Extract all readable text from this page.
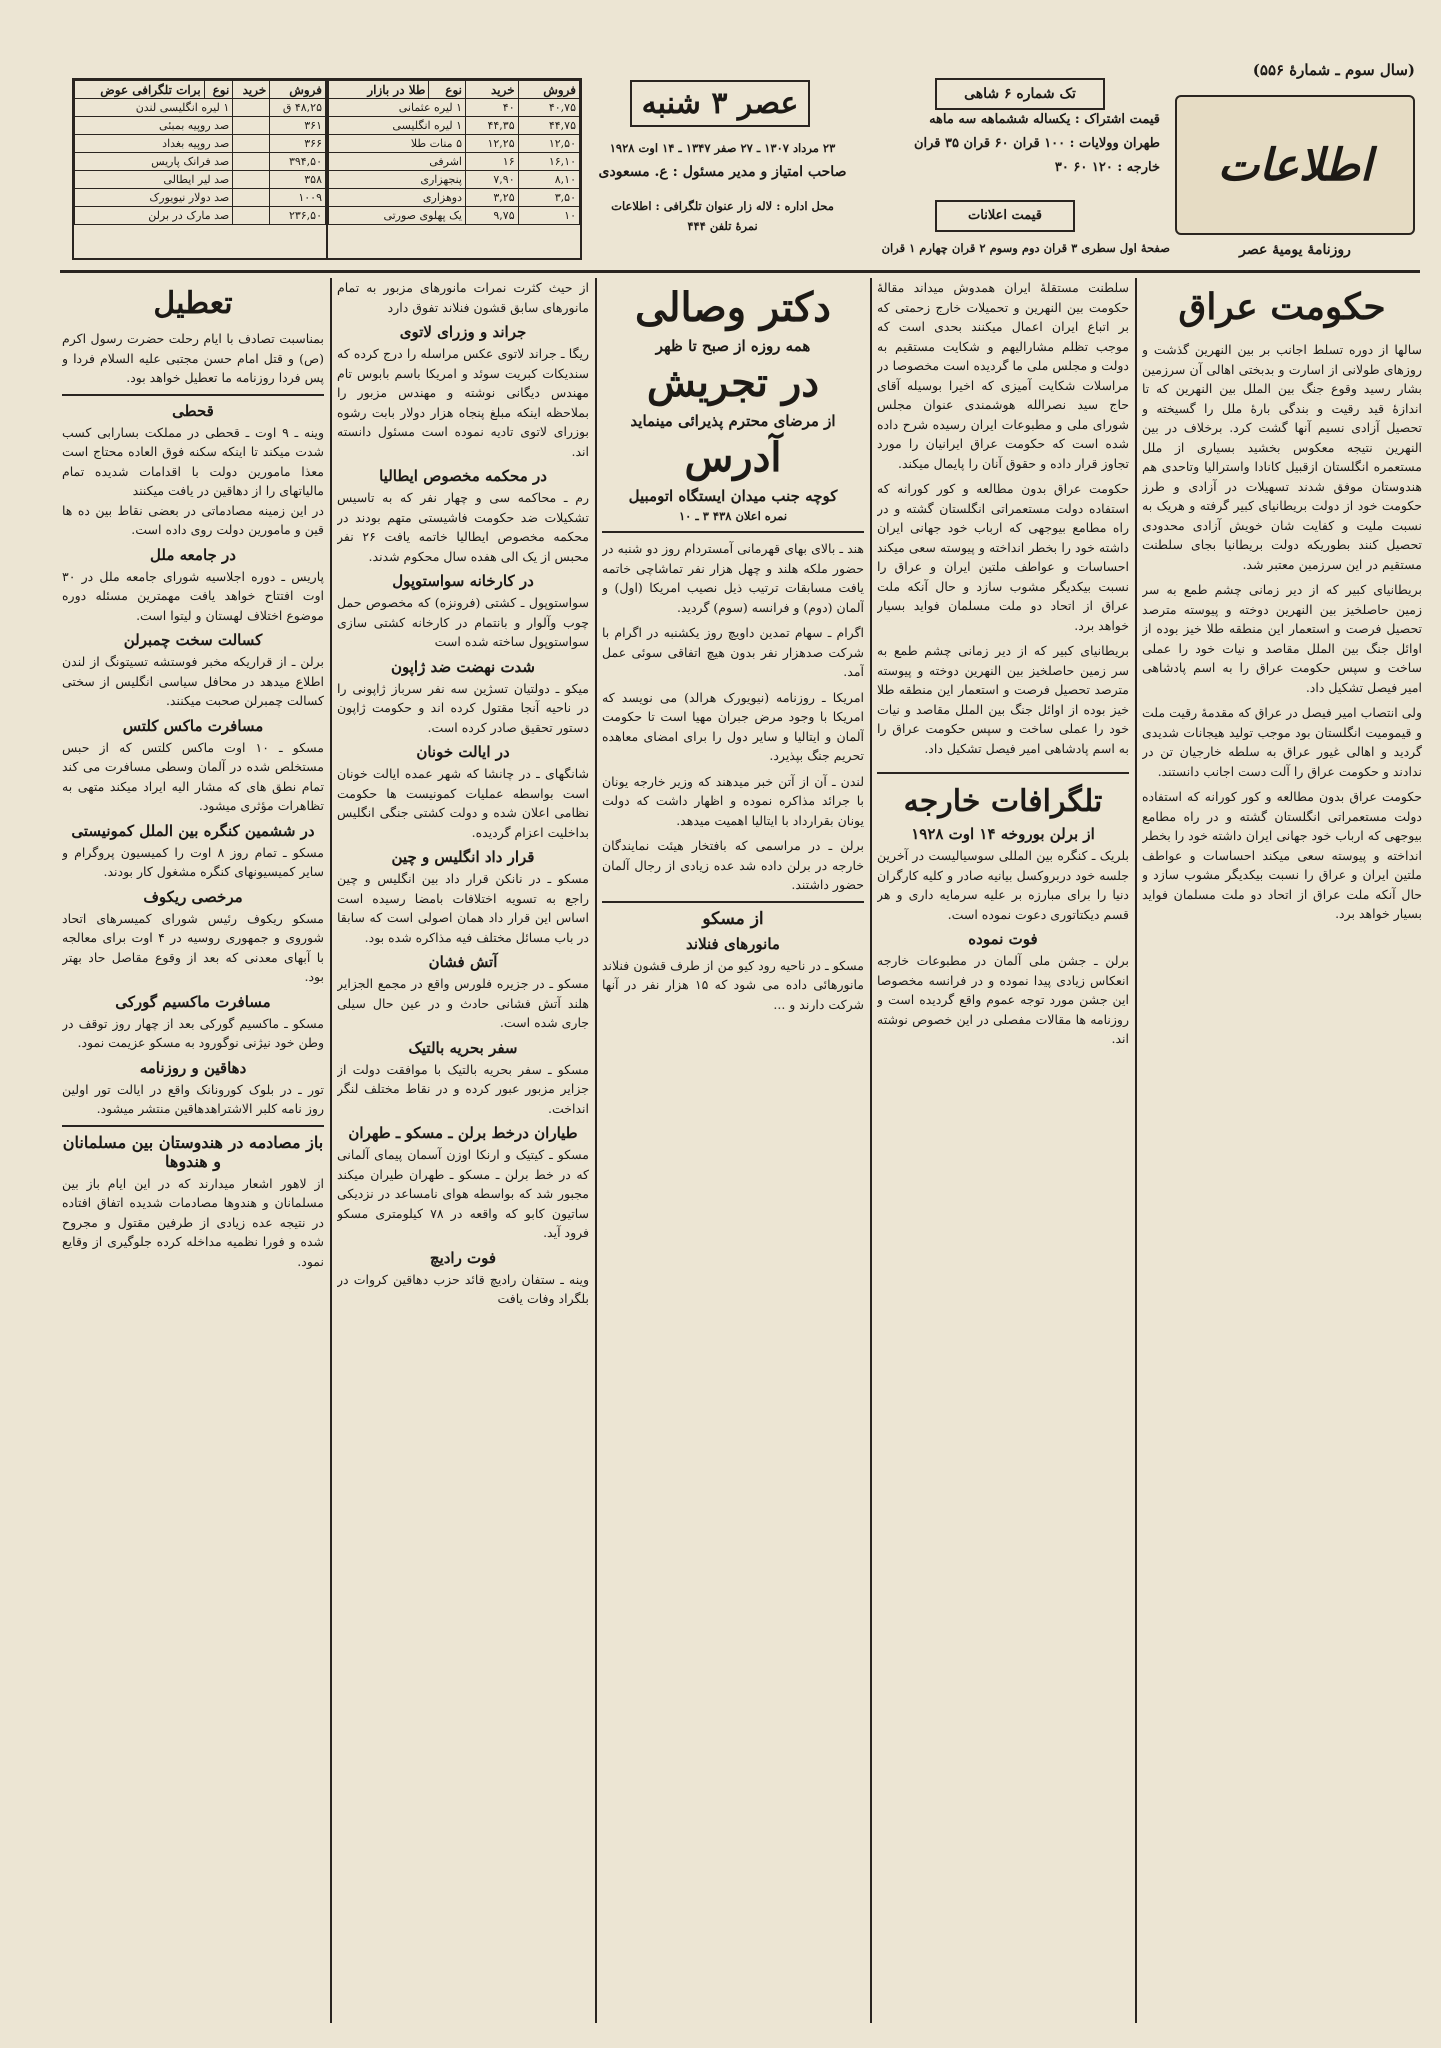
(سال سوم ـ شمارهٔ ۵۵۶)
اطلاعات
روزنامهٔ یومیهٔ عصر
تک شماره ۶ شاهی
قیمت اشتراک : یکساله ششماهه سه ماهه
طهران وولایات : ۱۰۰ قران ۶۰ قران ۳۵ قران
خارجه : ۱۲۰ ۶۰ ۳۰
قیمت اعلانات
صفحهٔ اول سطری ۳ قران دوم وسوم ۲ قران چهارم ۱ قران
عصر ۳ شنبه
۲۳ مرداد ۱۳۰۷ ـ ۲۷ صفر ۱۳۴۷ ـ ۱۴ اوت ۱۹۲۸
صاحب امتیاز و مدیر مسئول : ع. مسعودی
محل اداره : لاله زار عنوان تلگرافی : اطلاعات
نمرهٔ تلفن ۴۴۴
فروش	خرید	نوع	طلا در بازار
۴۰,۷۵	۴۰	۱ لیره عثمانی	
۴۴,۷۵	۴۴,۳۵	۱ لیره انگلیسی	
۱۲,۵۰	۱۲,۲۵	۵ منات طلا	
۱۶,۱۰	۱۶	اشرفی	
۸,۱۰	۷,۹۰	پنجهزاری	
۳,۵۰	۳,۲۵	دوهزاری	
۱۰	۹,۷۵	یک پهلوی صورتی	
فروش	خرید	نوع	برات تلگرافی عوض
۴۸,۲۵ ق		۱ لیره انگلیسی لندن	
۳۶۱		صد روپیه بمبئی	
۳۶۶		صد روپیه بغداد	
۳۹۴,۵۰		صد فرانک پاریس	
۳۵۸		صد لیر ایطالی	
۱۰۰۹		صد دولار نیویورک	
۲۳۶,۵۰		صد مارک در برلن	
حکومت عراق

سالها از دوره تسلط اجانب بر بین النهرین گذشت و روزهای طولانی از اسارت و بدبختی اهالی آن سرزمین بشار رسید وقوع جنگ بین الملل بین النهرین که تا اندازهٔ قید رقیت و بندگی بارهٔ ملل را گسیخته و تحصیل آزادی نسیم آنها گشت کرد. برخلاف در بین النهرین نتیجه معکوس بخشید بسیاری از ملل مستعمره انگلستان ازقبیل کانادا واسترالیا وتاحدی هم هندوستان موفق شدند تسهیلات در آزادی و طرز حکومت خود از دولت بریطانیای کبیر گرفته و هریک به نسبت ملیت و کفایت شان خویش آزادی محدودی تحصیل کنند بطوریکه دولت بریطانیا بجای سلطنت مستقیم در این سرزمین معتبر شد.

بریطانیای کبیر که از دیر زمانی چشم طمع به سر زمین حاصلخیز بین النهرین دوخته و پیوسته مترصد تحصیل فرصت و استعمار این منطقه طلا خیز بوده از اوائل جنگ بین الملل مقاصد و نیات خود را عملی ساخت و سپس حکومت عراق را به اسم پادشاهی امیر فیصل تشکیل داد.

ولی انتصاب امیر فیصل در عراق که مقدمهٔ رقیت ملت و قیمومیت انگلستان بود موجب تولید هیجانات شدیدی گردید و اهالی غیور عراق به سلطه خارجیان تن در ندادند و حکومت عراق را آلت دست اجانب دانستند.

حکومت عراق بدون مطالعه و کور کورانه که استفاده دولت مستعمراتی انگلستان گشته و در راه مطامع بیوجهی که ارباب خود جهانی ایران داشته خود را بخطر انداخته و پیوسته سعی میکند احساسات و عواطف ملتین ایران و عراق را نسبت بیکدیگر مشوب سازد و حال آنکه ملت عراق از اتحاد دو ملت مسلمان فواید بسیار خواهد برد.

سلطنت مستقلهٔ ایران همدوش میداند مقالهٔ حکومت بین النهرین و تحمیلات خارج زحمتی که بر اتباع ایران اعمال میکنند بحدی است که موجب تظلم مشارالیهم و شکایت مستقیم به دولت و مجلس ملی ما گردیده است مخصوصا در مراسلات شکایت آمیزی که اخیرا بوسیله آقای حاج سید نصرالله هوشمندی عنوان مجلس شورای ملی و مطبوعات ایران رسیده شرح داده شده است که حکومت عراق ایرانیان را مورد تجاوز قرار داده و حقوق آنان را پایمال میکند.

حکومت عراق بدون مطالعه و کور کورانه که استفاده دولت مستعمراتی انگلستان گشته و در راه مطامع بیوجهی که ارباب خود جهانی ایران داشته خود را بخطر انداخته و پیوسته سعی میکند احساسات و عواطف ملتین ایران و عراق را نسبت بیکدیگر مشوب سازد و حال آنکه ملت عراق از اتحاد دو ملت مسلمان فواید بسیار خواهد برد.

بریطانیای کبیر که از دیر زمانی چشم طمع به سر زمین حاصلخیز بین النهرین دوخته و پیوسته مترصد تحصیل فرصت و استعمار این منطقه طلا خیز بوده از اوائل جنگ بین الملل مقاصد و نیات خود را عملی ساخت و سپس حکومت عراق را به اسم پادشاهی امیر فیصل تشکیل داد.

تلگرافات خارجه
از برلن بوروخه ۱۴ اوت ۱۹۲۸

بلریک ـ کنگره بین المللی سوسیالیست در آخرین جلسه خود دربروکسل بیانیه صادر و کلیه کارگران دنیا را برای مبارزه بر علیه سرمایه داری و هر قسم دیکتاتوری دعوت نموده است.

فوت نموده

برلن ـ جشن ملی آلمان در مطبوعات خارجه انعکاس زیادی پیدا نموده و در فرانسه مخصوصا این جشن مورد توجه عموم واقع گردیده است و روزنامه ها مقالات مفصلی در این خصوص نوشته اند.

دکتر وصالی
همه روزه از صبح تا ظهر
در تجریش
از مرضای محترم پذیرائی مینماید
آدرس
کوچه جنب میدان ایستگاه اتومبیل
نمره اعلان ۴۳۸ ۳ ـ ۱۰

هند ـ بالای بهای قهرمانی آمستردام روز دو شنبه در حضور ملکه هلند و چهل هزار نفر تماشاچی خاتمه یافت مسابقات ترتیب ذیل نصیب امریکا (اول) و آلمان (دوم) و فرانسه (سوم) گردید.

اگرام ـ سهام تمدین داویچ روز یکشنبه در اگرام با شرکت صدهزار نفر بدون هیچ اتفاقی سوئی عمل آمد.

امریکا ـ روزنامه (نیویورک هرالد) می نویسد که امریکا با وجود مرض جبران مهیا است تا حکومت آلمان و ایتالیا و سایر دول را برای امضای معاهده تحریم جنگ بپذیرد.

لندن ـ آن از آتن خبر میدهند که وزیر خارجه یونان با جرائد مذاکره نموده و اظهار داشت که دولت یونان بقرارداد با ایتالیا اهمیت میدهد.

برلن ـ در مراسمی که بافتخار هیئت نمایندگان خارجه در برلن داده شد عده زیادی از رجال آلمان حضور داشتند.

از مسکو
مانورهای فنلاند

مسکو ـ در ناحیه رود کیو من از طرف قشون فنلاند مانورهائی داده می شود که ۱۵ هزار نفر در آنها شرکت دارند و ...

از حیث کثرت نمرات مانورهای مزبور به تمام مانورهای سابق قشون فنلاند تفوق دارد

جراند و وزرای لاتوی

ریگا ـ جراند لاتوی عکس مراسله را درج کرده که سندیکات کبریت سوئد و امریکا باسم بابوس تام مهندس دیگانی نوشته و مهندس مزبور را بملاحظه اینکه مبلغ پنجاه هزار دولار بابت رشوه بوزرای لاتوی تادیه نموده است مسئول دانسته اند.

در محکمه مخصوص ایطالیا

رم ـ محاکمه سی و چهار نفر که به تاسیس تشکیلات ضد حکومت فاشیستی متهم بودند در محکمه مخصوص ایطالیا خاتمه یافت ۲۶ نفر محبس از یک الی هفده سال محکوم شدند.

در کارخانه سواستوپول

سواستوپول ـ کشتی (فرونزه) که مخصوص حمل چوب وآلوار و بانتمام در کارخانه کشتی سازی سواستوپول ساخته شده است

شدت نهضت ضد ژاپون

میکو ـ دولتیان تسژین سه نفر سرباز ژاپونی را در ناحیه آنجا مقتول کرده اند و حکومت ژاپون دستور تحقیق صادر کرده است.

در ایالت خونان

شانگهای ـ در چانشا که شهر عمده ایالت خونان است بواسطه عملیات کمونیست ها حکومت نظامی اعلان شده و دولت کشتی جنگی انگلیس بداخلیت اعزام گردیده.

قرار داد انگلیس و چین

مسکو ـ در نانکن قرار داد بین انگلیس و چین راجع به تسویه اختلافات بامضا رسیده است اساس این قرار داد همان اصولی است که سابقا در باب مسائل مختلف فیه مذاکره شده بود.

آتش فشان

مسکو ـ در جزیره فلورس واقع در مجمع الجزایر هلند آتش فشانی حادث و در عین حال سیلی جاری شده است.

سفر بحریه بالتیک

مسکو ـ سفر بحریه بالتیک با موافقت دولت از جزایر مزبور عبور کرده و در نقاط مختلف لنگر انداخت.

طیاران درخط برلن ـ مسکو ـ طهران

مسکو ـ کیتیک و ارنکا اوزن آسمان پیمای آلمانی که در خط برلن ـ مسکو ـ طهران طیران میکند مجبور شد که بواسطه هوای نامساعد در نزدیکی ساتیون کابو که واقعه در ۷۸ کیلومتری مسکو فرود آید.

فوت رادیچ

وینه ـ ستفان رادیچ قائد حزب دهاقین کروات در بلگراد وفات یافت

تعطیل

بمناسبت تصادف با ایام رحلت حضرت رسول اکرم (ص) و قتل امام حسن مجتبی علیه السلام فردا و پس فردا روزنامه ما تعطیل خواهد بود.

قحطی

وینه ـ ۹ اوت ـ قحطی در مملکت بسارابی کسب شدت میکند تا اینکه سکنه فوق العاده محتاج است معذا مامورین دولت با اقدامات شدیده تمام مالیاتهای را از دهاقین در یافت میکنند

در این زمینه مصادماتی در بعضی نقاط بین ده ها قین و مامورین دولت روی داده است.

در جامعه ملل

پاریس ـ دوره اجلاسیه شورای جامعه ملل در ۳۰ اوت افتتاح خواهد یافت مهمترین مسئله دوره موضوع اختلاف لهستان و لیتوا است.

کسالت سخت چمبرلن

برلن ـ از قراریکه مخبر فوستشه تسیتونگ از لندن اطلاع میدهد در محافل سیاسی انگلیس از سختی کسالت چمبرلن صحبت میکنند.

مسافرت ماکس کلتس

مسکو ـ ۱۰ اوت ماکس کلتس که از حبس مستخلص شده در آلمان وسطی مسافرت می کند تمام نطق های که مشار الیه ایراد میکند متهی به تظاهرات مؤثری میشود.

در ششمین کنگره بین الملل کمونیستی

مسکو ـ تمام روز ۸ اوت را کمیسیون پروگرام و سایر کمیسیونهای کنگره مشغول کار بودند.

مرخصی ریکوف

مسکو ریکوف رئیس شورای کمیسرهای اتحاد شوروی و جمهوری روسیه در ۴ اوت برای معالجه با آبهای معدنی که بعد از وقوع مقاصل حاد بهتر بود.

مسافرت ماکسیم گورکی

مسکو ـ ماکسیم گورکی بعد از چهار روز توقف در وطن خود نیژنی نوگورود به مسکو عزیمت نمود.

دهاقین و روزنامه

تور ـ در بلوک کورونانک واقع در ایالت تور اولین روز نامه کلبر الاشتراهدهاقین منتشر میشود.

باز مصادمه در هندوستان بین مسلمانان و هندوها

از لاهور اشعار میدارند که در این ایام باز بین مسلمانان و هندوها مصادمات شدیده اتفاق افتاده در نتیجه عده زیادی از طرفین مقتول و مجروح شده و فورا نظمیه مداخله کرده جلوگیری از وقایع نمود.
